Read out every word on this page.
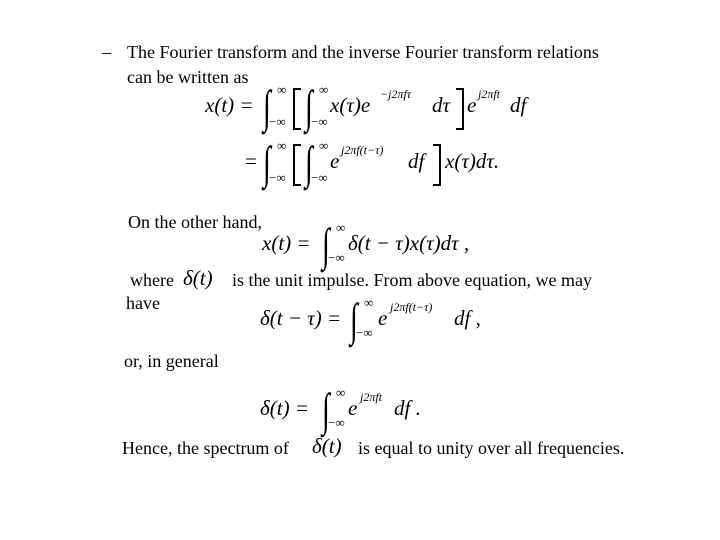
– The Fourier transform and the inverse Fourier transform relations
can be written as
x(t) = ∫ ∞
−∞ ∫ ∞
−∞
x(τ)e −j2πfτ dτ e j2πft df
= ∫ ∞
−∞ ∫ ∞
−∞
e j2πf(t−τ) df x(τ)dτ.
On the other hand,
x(t) = ∫ ∞
−∞
δ(t − τ)x(τ)dτ ,
where δ(t) is the unit impulse. From above equation, we may
have
δ(t − τ) = ∫ ∞
−∞
e j2πf(t−τ) df ,
or, in general
δ(t) = ∫ ∞
−∞
e j2πft df .
Hence, the spectrum of δ(t) is equal to unity over all frequencies.
